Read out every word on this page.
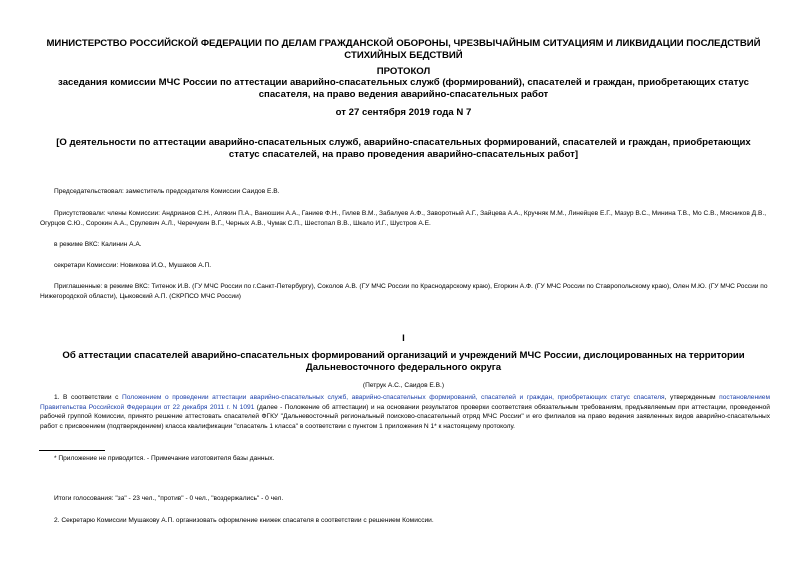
МИНИСТЕРСТВО РОССИЙСКОЙ ФЕДЕРАЦИИ ПО ДЕЛАМ ГРАЖДАНСКОЙ ОБОРОНЫ, ЧРЕЗВЫЧАЙНЫМ СИТУАЦИЯМ И ЛИКВИДАЦИИ ПОСЛЕДСТВИЙ СТИХИЙНЫХ БЕДСТВИЙ
ПРОТОКОЛ
заседания комиссии МЧС России по аттестации аварийно-спасательных служб (формирований), спасателей и граждан, приобретающих статус спасателя, на право ведения аварийно-спасательных работ
от 27 сентября 2019 года N 7
[О деятельности по аттестации аварийно-спасательных служб, аварийно-спасательных формирований, спасателей и граждан, приобретающих статус спасателей, на право проведения аварийно-спасательных работ]
Председательствовал: заместитель председателя Комиссии Саидов Е.В.
Присутствовали: члены Комиссии: Андрианов С.Н., Алякин П.А., Ванюшин А.А., Ганиев Ф.Н., Гилев В.М., Забалуев А.Ф., Заворотный А.Г., Зайцева А.А., Кручняк М.М., Линейцев Е.Г., Мазур В.С., Минина Т.В., Мо С.В., Мясников Д.В., Огурцов С.Ю., Сорокин А.А., Срулевич А.Л., Черечукин В.Г., Черных А.В., Чумак С.П., Шестопал В.В., Шкало И.Г., Шустров А.Е.
в режиме ВКС: Калинин А.А.
секретари Комиссии: Новикова И.О., Мушаков А.П.
Приглашенные: в режиме ВКС: Титенок И.В. (ГУ МЧС России по г.Санкт-Петербургу), Соколов А.В. (ГУ МЧС России по Краснодарскому краю), Егоркин А.Ф. (ГУ МЧС России по Ставропольскому краю), Олен М.Ю. (ГУ МЧС России по Нижегородской области), Цыковский А.П. (СКРПСО МЧС России)
I
Об аттестации спасателей аварийно-спасательных формирований организаций и учреждений МЧС России, дислоцированных на территории Дальневосточного федерального округа
(Петрук А.С., Саидов Е.В.)
1. В соответствии с Положением о проведении аттестации аварийно-спасательных служб, аварийно-спасательных формирований, спасателей и граждан, приобретающих статус спасателя, утвержденным постановлением Правительства Российской Федерации от 22 декабря 2011 г. N 1091 (далее - Положение об аттестации) и на основании результатов проверки соответствия обязательным требованиям, предъявляемым при аттестации, проведенной рабочей группой Комиссии, принято решение аттестовать спасателей ФГКУ "Дальневосточный региональный поисково-спасательный отряд МЧС России" и его филиалов на право ведения заявленных видов аварийно-спасательных работ с присвоением (подтверждением) класса квалификации "спасатель 1 класса" в соответствии с пунктом 1 приложения N 1* к настоящему протоколу.
* Приложение не приводится. - Примечание изготовителя базы данных.
Итоги голосования: "за" - 23 чел., "против" - 0 чел., "воздержались" - 0 чел.
2. Секретарю Комиссии Мушакову А.П. организовать оформление книжек спасателя в соответствии с решением Комиссии.
